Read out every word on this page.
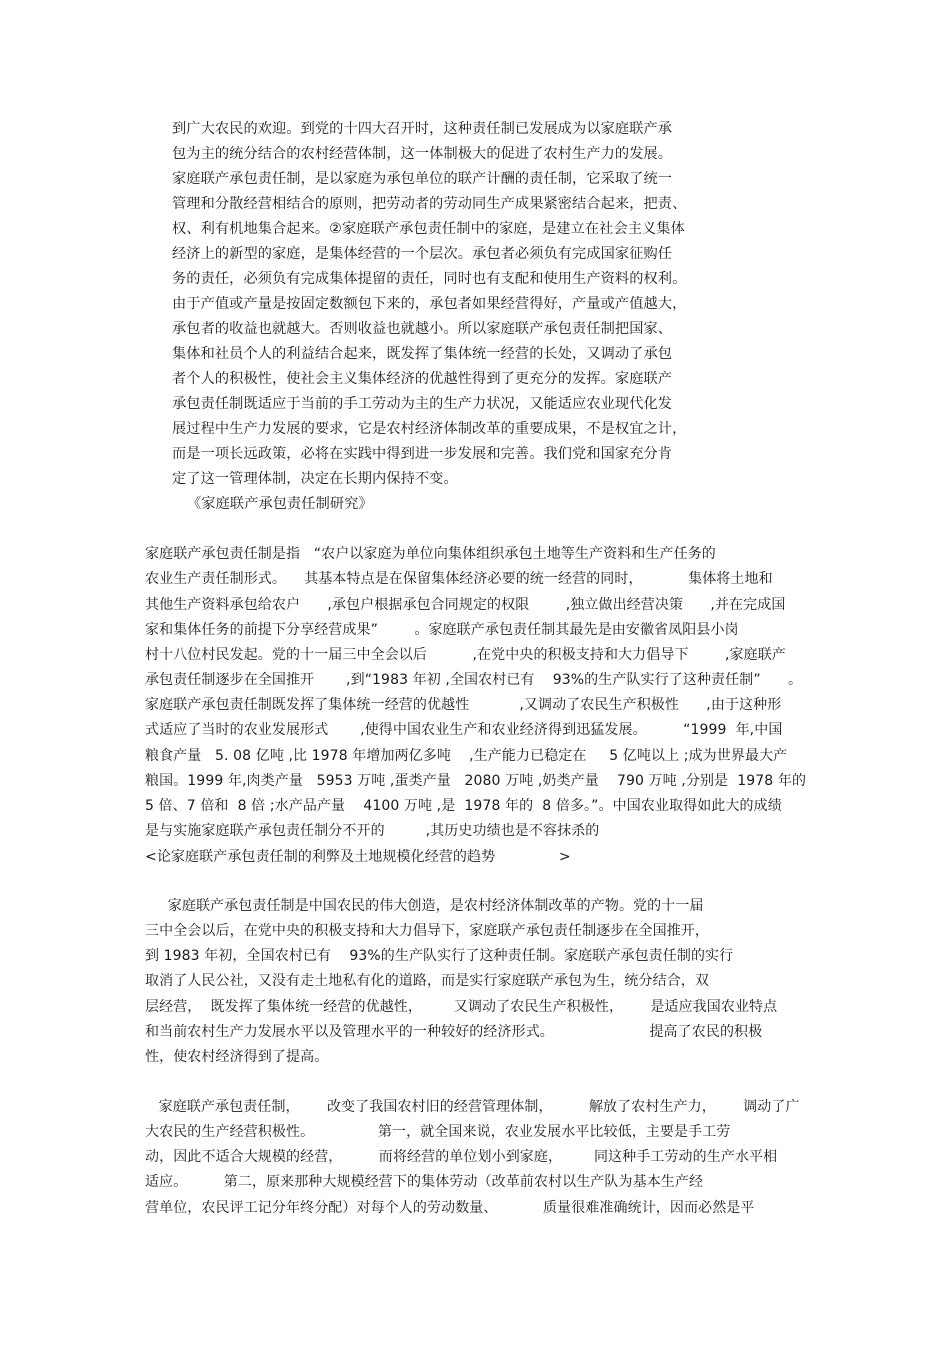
到广大农民的欢迎。到党的十四大召开时，这种责任制已发展成为以家庭联产承
包为主的统分结合的农村经营体制，这一体制极大的促进了农村生产力的发展。
家庭联产承包责任制，是以家庭为承包单位的联产计酬的责任制，它采取了统一
管理和分散经营相结合的原则，把劳动者的劳动同生产成果紧密结合起来，把责、
权、利有机地集合起来。②家庭联产承包责任制中的家庭，是建立在社会主义集体
经济上的新型的家庭，是集体经营的一个层次。承包者必须负有完成国家征购任
务的责任，必须负有完成集体提留的责任，同时也有支配和使用生产资料的权利。
由于产值或产量是按固定数额包下来的，承包者如果经营得好，产量或产值越大，
承包者的收益也就越大。否则收益也就越小。所以家庭联产承包责任制把国家、
集体和社员个人的利益结合起来，既发挥了集体统一经营的长处，又调动了承包
者个人的积极性，使社会主义集体经济的优越性得到了更充分的发挥。家庭联产
承包责任制既适应于当前的手工劳动为主的生产力状况，又能适应农业现代化发
展过程中生产力发展的要求，它是农村经济体制改革的重要成果，不是权宜之计，
而是一项长远政策，必将在实践中得到进一步发展和完善。我们党和国家充分肯
定了这一管理体制，决定在长期内保持不变。
《家庭联产承包责任制研究》
家庭联产承包责任制是指   “农户以家庭为单位向集体组织承包土地等生产资料和生产任务的
农业生产责任制形式。    其基本特点是在保留集体经济必要的统一经营的同时，          集体将土地和
其他生产资料承包给农户      ,承包户根据承包合同规定的权限        ,独立做出经营决策      ,并在完成国
家和集体任务的前提下分享经营成果”        。家庭联产承包责任制其最先是由安徽省凤阳县小岗
村十八位村民发起。党的十一届三中全会以后          ,在党中央的积极支持和大力倡导下        ,家庭联产
承包责任制逐步在全国推开       ,到“1983 年初 ,全国农村已有    93%的生产队实行了这种责任制”      。
家庭联产承包责任制既发挥了集体统一经营的优越性           ,又调动了农民生产积极性      ,由于这种形
式适应了当时的农业发展形式       ,使得中国农业生产和农业经济得到迅猛发展。        “1999  年,中国
粮食产量   5. 08 亿吨 ,比 1978 年增加两亿多吨    ,生产能力已稳定在     5 亿吨以上 ;成为世界最大产
粮国。1999 年,肉类产量   5953 万吨 ,蛋类产量   2080 万吨 ,奶类产量    790 万吨 ,分别是  1978 年的
5 倍、7 倍和  8 倍 ;水产品产量    4100 万吨 ,是  1978 年的  8 倍多。”。中国农业取得如此大的成绩
是与实施家庭联产承包责任制分不开的         ,其历史功绩也是不容抹杀的
<论家庭联产承包责任制的利弊及土地规模化经营的趋势              >
家庭联产承包责任制是中国农民的伟大创造，是农村经济体制改革的产物。党的十一届
三中全会以后，在党中央的积极支持和大力倡导下，家庭联产承包责任制逐步在全国推开，
到 1983 年初，全国农村已有    93%的生产队实行了这种责任制。家庭联产承包责任制的实行
取消了人民公社，又没有走土地私有化的道路，而是实行家庭联产承包为生，统分结合，双
层经营，  既发挥了集体统一经营的优越性，       又调动了农民生产积极性，      是适应我国农业特点
和当前农村生产力发展水平以及管理水平的一种较好的经济形式。                     提高了农民的积极
性，使农村经济得到了提高。
家庭联产承包责任制，      改变了我国农村旧的经营管理体制，        解放了农村生产力，      调动了广
大农民的生产经营积极性。              第一，就全国来说，农业发展水平比较低，主要是手工劳
动，因此不适合大规模的经营，        而将经营的单位划小到家庭，       同这种手工劳动的生产水平相
适应。        第二，原来那种大规模经营下的集体劳动（改革前农村以生产队为基本生产经
营单位，农民评工记分年终分配）对每个人的劳动数量、          质量很难准确统计，因而必然是平
